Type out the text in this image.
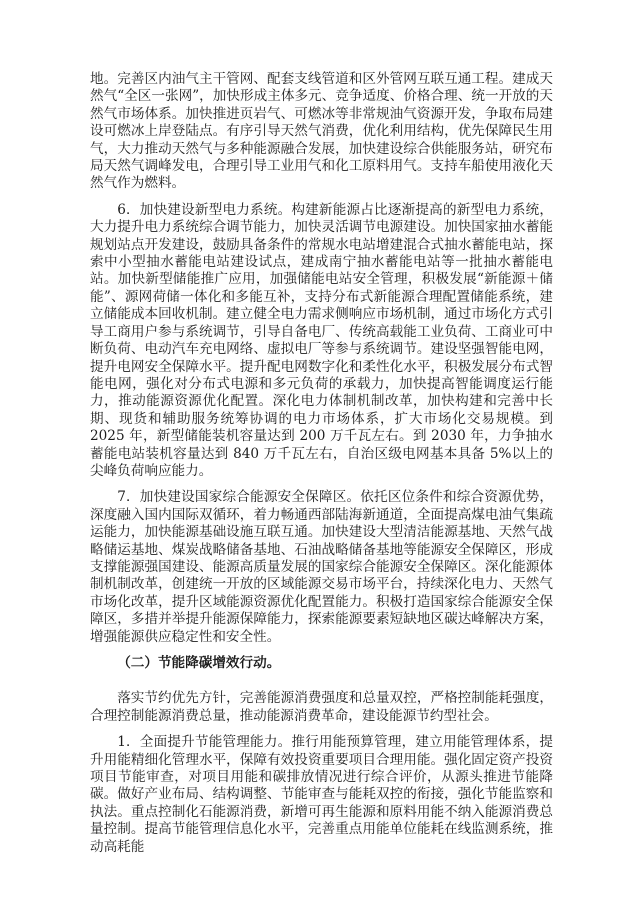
地。完善区内油气主干管网、配套支线管道和区外管网互联互通工程。建成天然气“全区一张网”，加快形成主体多元、竞争适度、价格合理、统一开放的天然气市场体系。加快推进页岩气、可燃冰等非常规油气资源开发，争取布局建设可燃冰上岸登陆点。有序引导天然气消费，优化利用结构，优先保障民生用气，大力推动天然气与多种能源融合发展，加快建设综合供能服务站，研究布局天然气调峰发电，合理引导工业用气和化工原料用气。支持车船使用液化天然气作为燃料。

6．加快建设新型电力系统。构建新能源占比逐渐提高的新型电力系统，大力提升电力系统综合调节能力，加快灵活调节电源建设。加快国家抽水蓄能规划站点开发建设，鼓励具备条件的常规水电站增建混合式抽水蓄能电站，探索中小型抽水蓄能电站建设试点，建成南宁抽水蓄能电站等一批抽水蓄能电站。加快新型储能推广应用，加强储能电站安全管理，积极发展“新能源＋储能”、源网荷储一体化和多能互补，支持分布式新能源合理配置储能系统，建立储能成本回收机制。建立健全电力需求侧响应市场机制，通过市场化方式引导工商用户参与系统调节，引导自备电厂、传统高载能工业负荷、工商业可中断负荷、电动汽车充电网络、虚拟电厂等参与系统调节。建设坚强智能电网，提升电网安全保障水平。提升配电网数字化和柔性化水平，积极发展分布式智能电网，强化对分布式电源和多元负荷的承载力，加快提高智能调度运行能力，推动能源资源优化配置。深化电力体制机制改革，加快构建和完善中长期、现货和辅助服务统筹协调的电力市场体系，扩大市场化交易规模。到 2025 年，新型储能装机容量达到 200 万千瓦左右。到 2030 年，力争抽水蓄能电站装机容量达到 840 万千瓦左右，自治区级电网基本具备 5%以上的尖峰负荷响应能力。

7．加快建设国家综合能源安全保障区。依托区位条件和综合资源优势，深度融入国内国际双循环，着力畅通西部陆海新通道，全面提高煤电油气集疏运能力，加快能源基础设施互联互通。加快建设大型清洁能源基地、天然气战略储运基地、煤炭战略储备基地、石油战略储备基地等能源安全保障区，形成支撑能源强国建设、能源高质量发展的国家综合能源安全保障区。深化能源体制机制改革，创建统一开放的区域能源交易市场平台，持续深化电力、天然气市场化改革，提升区域能源资源优化配置能力。积极打造国家综合能源安全保障区，多措并举提升能源保障能力，探索能源要素短缺地区碳达峰解决方案，增强能源供应稳定性和安全性。

（二）节能降碳增效行动。

落实节约优先方针，完善能源消费强度和总量双控，严格控制能耗强度，合理控制能源消费总量，推动能源消费革命，建设能源节约型社会。

1．全面提升节能管理能力。推行用能预算管理，建立用能管理体系，提升用能精细化管理水平，保障有效投资重要项目合理用能。强化固定资产投资项目节能审查，对项目用能和碳排放情况进行综合评价，从源头推进节能降碳。做好产业布局、结构调整、节能审查与能耗双控的衔接，强化节能监察和执法。重点控制化石能源消费，新增可再生能源和原料用能不纳入能源消费总量控制。提高节能管理信息化水平，完善重点用能单位能耗在线监测系统，推动高耗能
